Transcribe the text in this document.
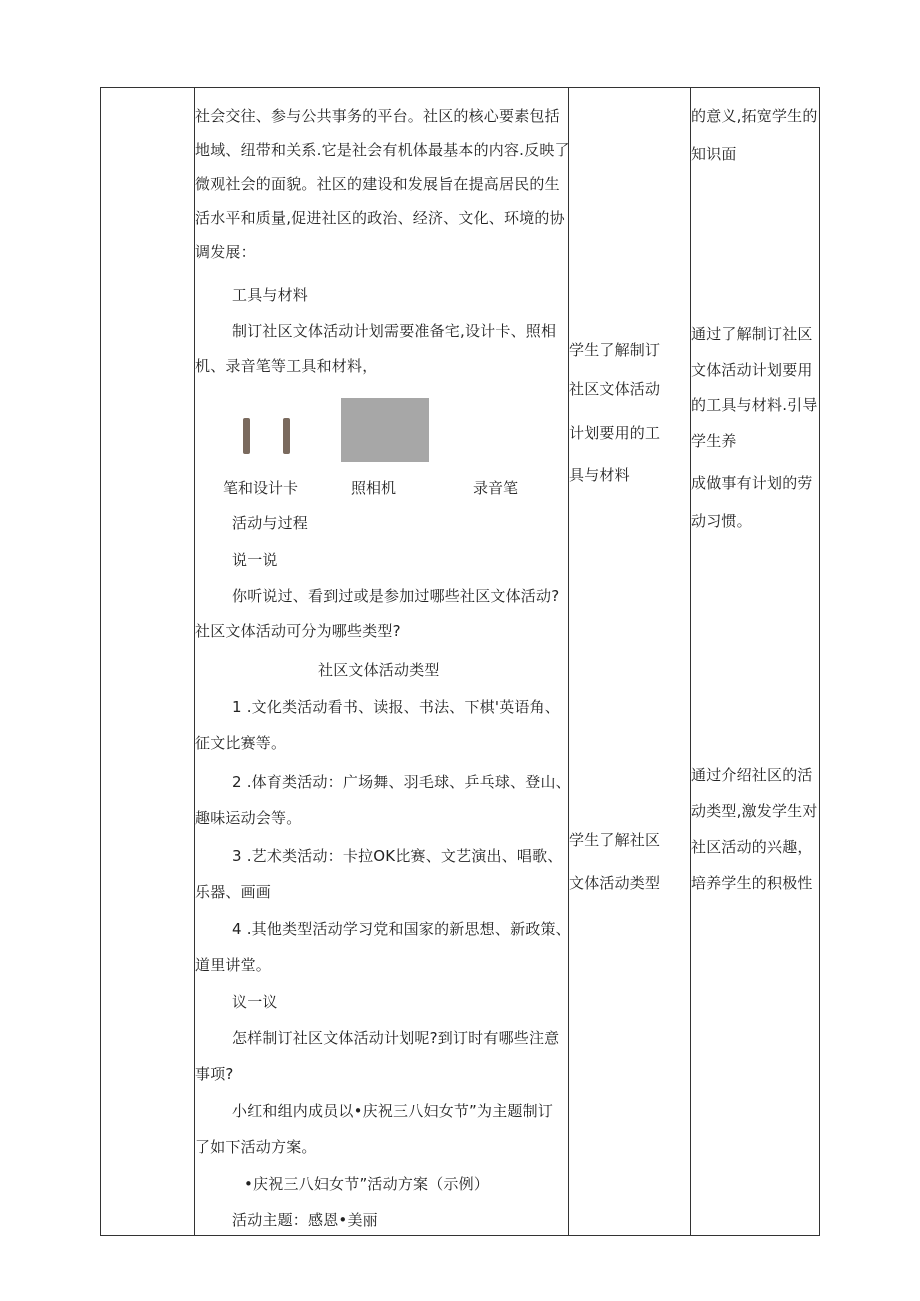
社会交往、参与公共事务的平台。社区的核心要素包括
地域、纽带和关系.它是社会有机体最基本的内容.反映了
微观社会的面貌。社区的建设和发展旨在提高居民的生
活水平和质量,促进社区的政治、经济、文化、环境的协
调发展：
工具与材料
制订社区文体活动计划需要准备宅,设计卡、照相
机、录音笔等工具和材料，
笔和设计卡	照相机	录音笔
活动与过程
说一说
你听说过、看到过或是参加过哪些社区文体活动?
社区文体活动可分为哪些类型?
社区文体活动类型
1 .文化类活动看书、读报、书法、下棋'英语角、
征文比赛等。
2 .体育类活动：广场舞、羽毛球、乒乓球、登山、
趣味运动会等。
3 .艺术类活动：卡拉OK比赛、文艺演出、唱歌、
乐器、画画
4 .其他类型活动学习党和国家的新思想、新政策、
道里讲堂。
议一议
怎样制订社区文体活动计划呢?到订时有哪些注意
事项?
小红和组内成员以•庆祝三八妇女节”为主题制订
了如下活动方案。
•庆祝三八妇女节”活动方案（示例）
活动主题：感恩•美丽
学生了解制订
社区文体活动
计划要用的工
具与材料
学生了解社区
文体活动类型
的意义,拓宽学生的
知识面
通过了解制订社区
文体活动计划要用
的工具与材料.引导
学生养
成做事有计划的劳
动习惯。
通过介绍社区的活
动类型,激发学生对
社区活动的兴趣，
培养学生的积极性
